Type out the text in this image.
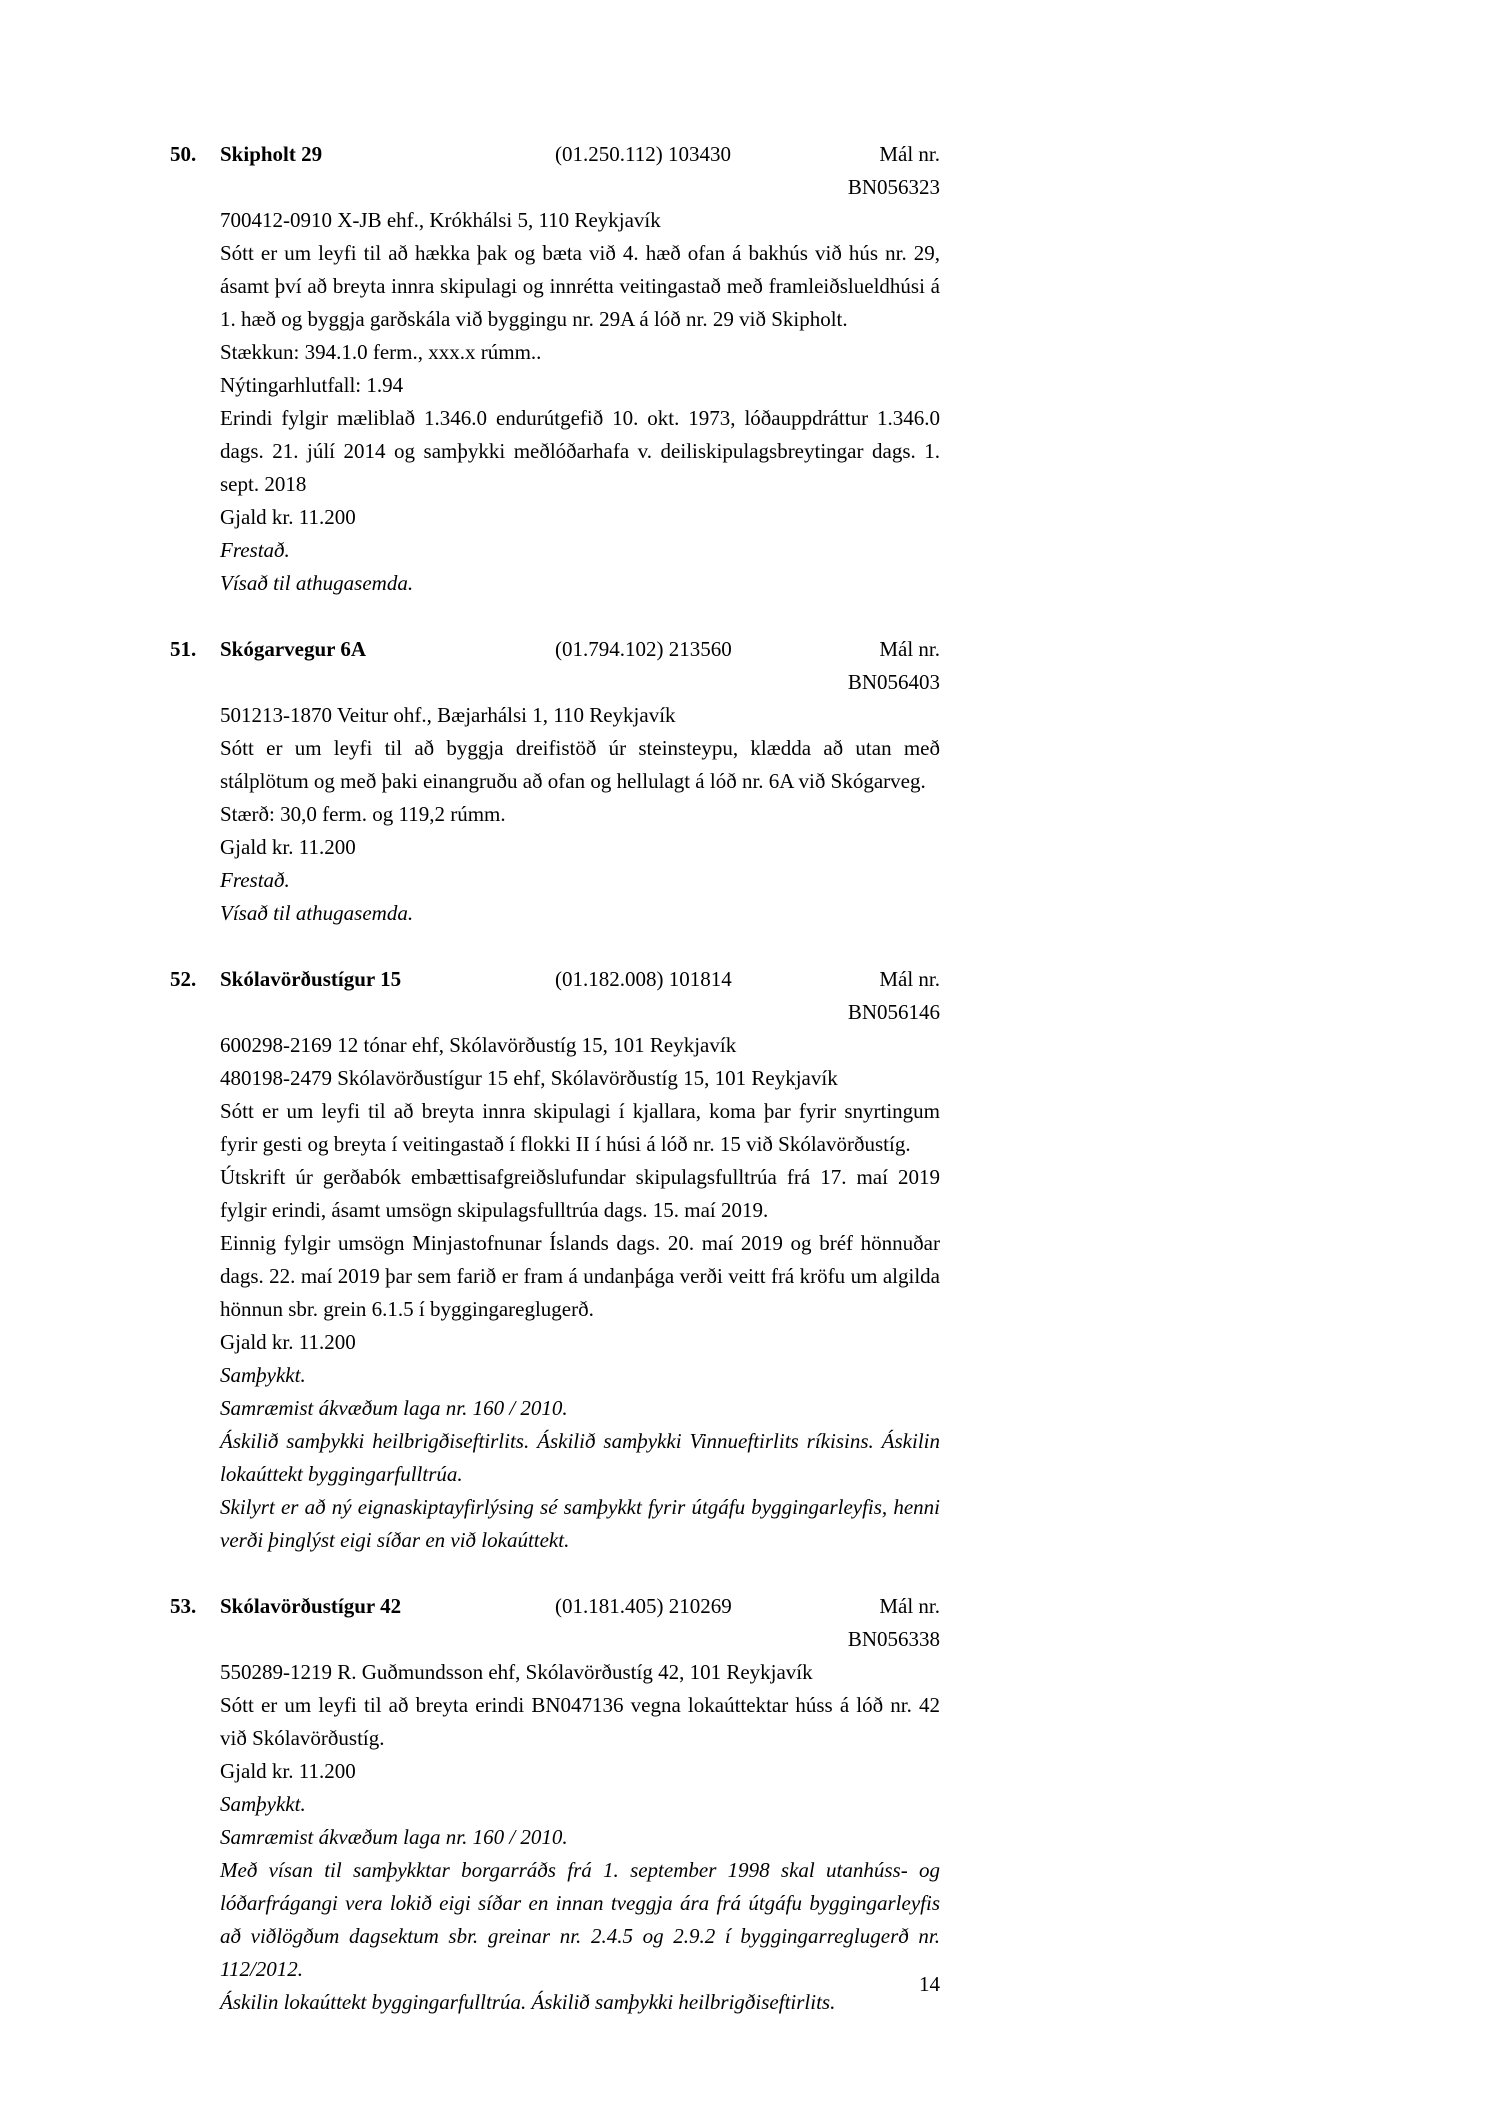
50.	Skipholt 29	(01.250.112) 103430	Mál nr. BN056323

700412-0910 X-JB ehf., Krókhálsi 5, 110 Reykjavík

Sótt er um leyfi til að hækka þak og bæta við 4. hæð ofan á bakhús við hús nr. 29, ásamt því að breyta innra skipulagi og innrétta veitingastað með framleiðslueldhúsi á 1. hæð og byggja garðskála við byggingu nr. 29A á lóð nr. 29 við Skipholt.

Stækkun: 394.1.0 ferm., xxx.x rúmm..

Nýtingarhlutfall: 1.94

Erindi fylgir mæliblað 1.346.0 endurútgefið 10. okt. 1973, lóðauppdráttur 1.346.0 dags. 21. júlí 2014 og samþykki meðlóðarhafa v. deiliskipulagsbreytingar dags. 1. sept. 2018

Gjald kr. 11.200

Frestað.

Vísað til athugasemda.

51.	Skógarvegur 6A	(01.794.102) 213560	Mál nr. BN056403

501213-1870 Veitur ohf., Bæjarhálsi 1, 110 Reykjavík

Sótt er um leyfi til að byggja dreifistöð úr steinsteypu, klædda að utan með stálplötum og með þaki einangruðu að ofan og hellulagt á lóð nr. 6A við Skógarveg.

Stærð: 30,0 ferm. og 119,2 rúmm.

Gjald kr. 11.200

Frestað.

Vísað til athugasemda.

52.	Skólavörðustígur 15	(01.182.008) 101814	Mál nr. BN056146

600298-2169 12 tónar ehf, Skólavörðustíg 15, 101 Reykjavík

480198-2479 Skólavörðustígur 15 ehf, Skólavörðustíg 15, 101 Reykjavík

Sótt er um leyfi til að breyta innra skipulagi í kjallara, koma þar fyrir snyrtingum fyrir gesti og breyta í veitingastað í flokki II í húsi á lóð nr. 15 við Skólavörðustíg.

Útskrift úr gerðabók embættisafgreiðslufundar skipulagsfulltrúa frá 17. maí 2019 fylgir erindi, ásamt umsögn skipulagsfulltrúa dags. 15. maí 2019.

Einnig fylgir umsögn Minjastofnunar Íslands dags. 20. maí 2019 og bréf hönnuðar dags. 22. maí 2019 þar sem farið er fram á undanþága verði veitt frá kröfu um algilda hönnun sbr. grein 6.1.5 í byggingareglugerð.

Gjald kr. 11.200

Samþykkt.

Samræmist ákvæðum laga nr. 160 / 2010.

Áskilið samþykki heilbrigðiseftirlits. Áskilið samþykki Vinnueftirlits ríkisins. Áskilin lokaúttekt byggingarfulltrúa.

Skilyrt er að ný eignaskiptayfirlýsing sé samþykkt fyrir útgáfu byggingarleyfis, henni verði þinglýst eigi síðar en við lokaúttekt.

53.	Skólavörðustígur 42	(01.181.405) 210269	Mál nr. BN056338

550289-1219 R. Guðmundsson ehf, Skólavörðustíg 42, 101 Reykjavík

Sótt er um leyfi til að breyta erindi BN047136 vegna lokaúttektar húss á lóð nr. 42 við Skólavörðustíg.

Gjald kr. 11.200

Samþykkt.

Samræmist ákvæðum laga nr. 160 / 2010.

Með vísan til samþykktar borgarráðs frá 1. september 1998 skal utanhúss- og lóðarfrágangi vera lokið eigi síðar en innan tveggja ára frá útgáfu byggingarleyfis að viðlögðum dagsektum sbr. greinar nr. 2.4.5 og 2.9.2 í byggingarreglugerð nr. 112/2012.

Áskilin lokaúttekt byggingarfulltrúa. Áskilið samþykki heilbrigðiseftirlits.

14
